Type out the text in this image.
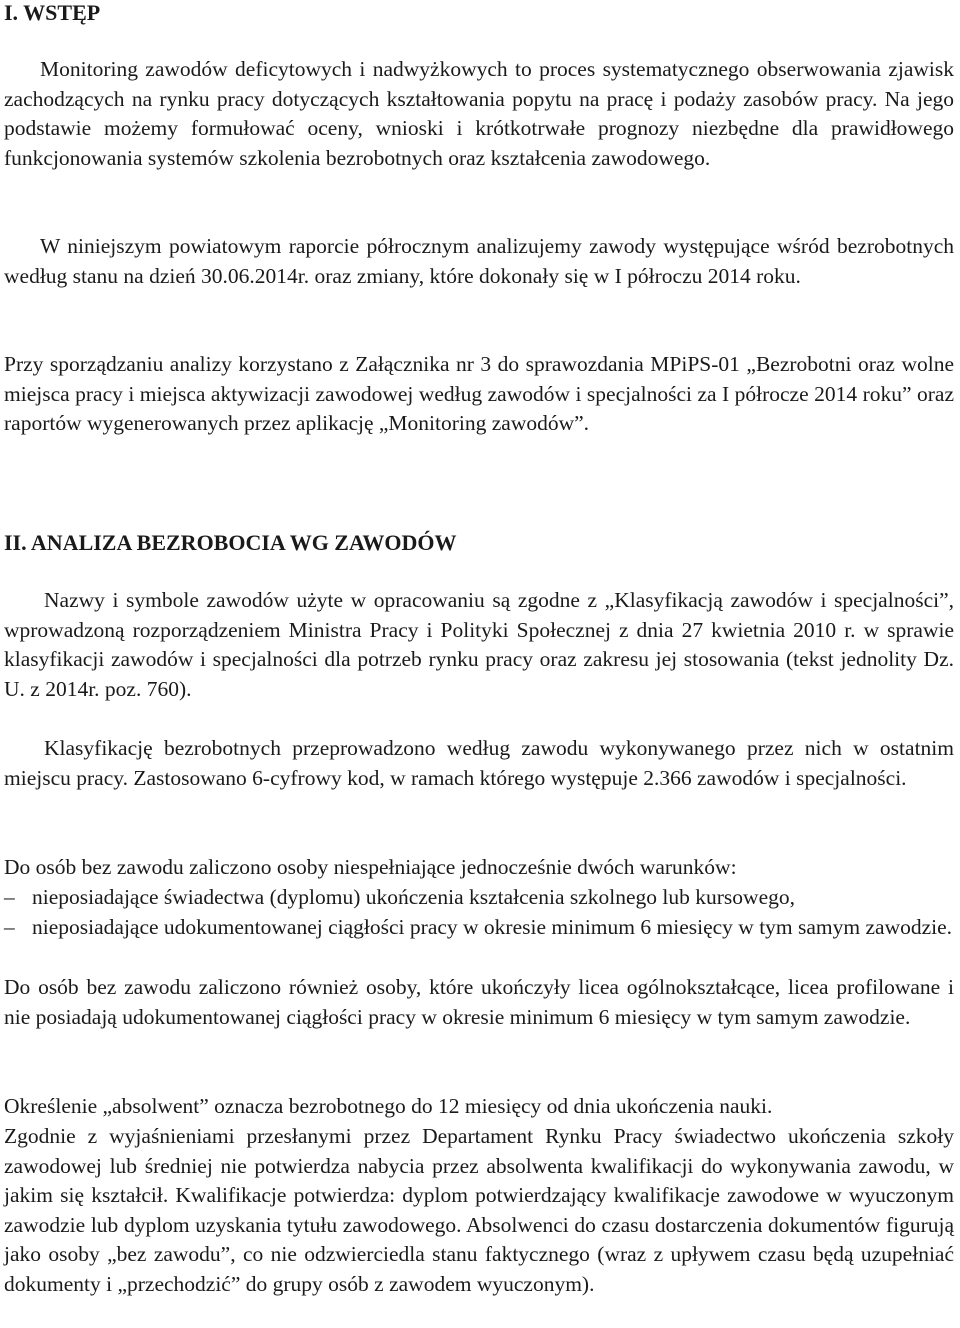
I. WSTĘP

Monitoring zawodów deficytowych i nadwyżkowych to proces systematycznego obserwowania zjawisk zachodzących na rynku pracy dotyczących kształtowania popytu na pracę i podaży zasobów pracy. Na jego podstawie możemy formułować oceny, wnioski i krótkotrwałe prognozy niezbędne dla prawidłowego funkcjonowania systemów szkolenia bezrobotnych oraz kształcenia zawodowego.

W niniejszym powiatowym raporcie półrocznym analizujemy zawody występujące wśród bezrobotnych według stanu na dzień 30.06.2014r. oraz zmiany, które dokonały się w I półroczu 2014 roku.

Przy sporządzaniu analizy korzystano z Załącznika nr 3 do sprawozdania MPiPS-01 „Bezrobotni oraz wolne miejsca pracy i miejsca aktywizacji zawodowej według zawodów i specjalności za I półrocze 2014 roku” oraz raportów wygenerowanych przez aplikację „Monitoring zawodów”.

II. ANALIZA BEZROBOCIA WG ZAWODÓW

Nazwy i symbole zawodów użyte w opracowaniu są zgodne z „Klasyfikacją zawodów i specjalności”, wprowadzoną rozporządzeniem Ministra Pracy i Polityki Społecznej z dnia 27 kwietnia 2010 r. w sprawie klasyfikacji zawodów i specjalności dla potrzeb rynku pracy oraz zakresu jej stosowania (tekst jednolity Dz. U. z 2014r. poz. 760).

Klasyfikację bezrobotnych przeprowadzono według zawodu wykonywanego przez nich w ostatnim miejscu pracy. Zastosowano 6-cyfrowy kod, w ramach którego występuje 2.366 zawodów i specjalności.

Do osób bez zawodu zaliczono osoby niespełniające jednocześnie dwóch warunków:

– nieposiadające świadectwa (dyplomu) ukończenia kształcenia szkolnego lub kursowego,
– nieposiadające udokumentowanej ciągłości pracy w okresie minimum 6 miesięcy w tym samym zawodzie.

Do osób bez zawodu zaliczono również osoby, które ukończyły licea ogólnokształcące, licea profilowane i nie posiadają udokumentowanej ciągłości pracy w okresie minimum 6 miesięcy w tym samym zawodzie.

Określenie „absolwent” oznacza bezrobotnego do 12 miesięcy od dnia ukończenia nauki.

Zgodnie z wyjaśnieniami przesłanymi przez Departament Rynku Pracy świadectwo ukończenia szkoły zawodowej lub średniej nie potwierdza nabycia przez absolwenta kwalifikacji do wykonywania zawodu, w jakim się kształcił. Kwalifikacje potwierdza: dyplom potwierdzający kwalifikacje zawodowe w wyuczonym zawodzie lub dyplom uzyskania tytułu zawodowego. Absolwenci do czasu dostarczenia dokumentów figurują jako osoby „bez zawodu”, co nie odzwierciedla stanu faktycznego (wraz z upływem czasu będą uzupełniać dokumenty i „przechodzić” do grupy osób z zawodem wyuczonym).
